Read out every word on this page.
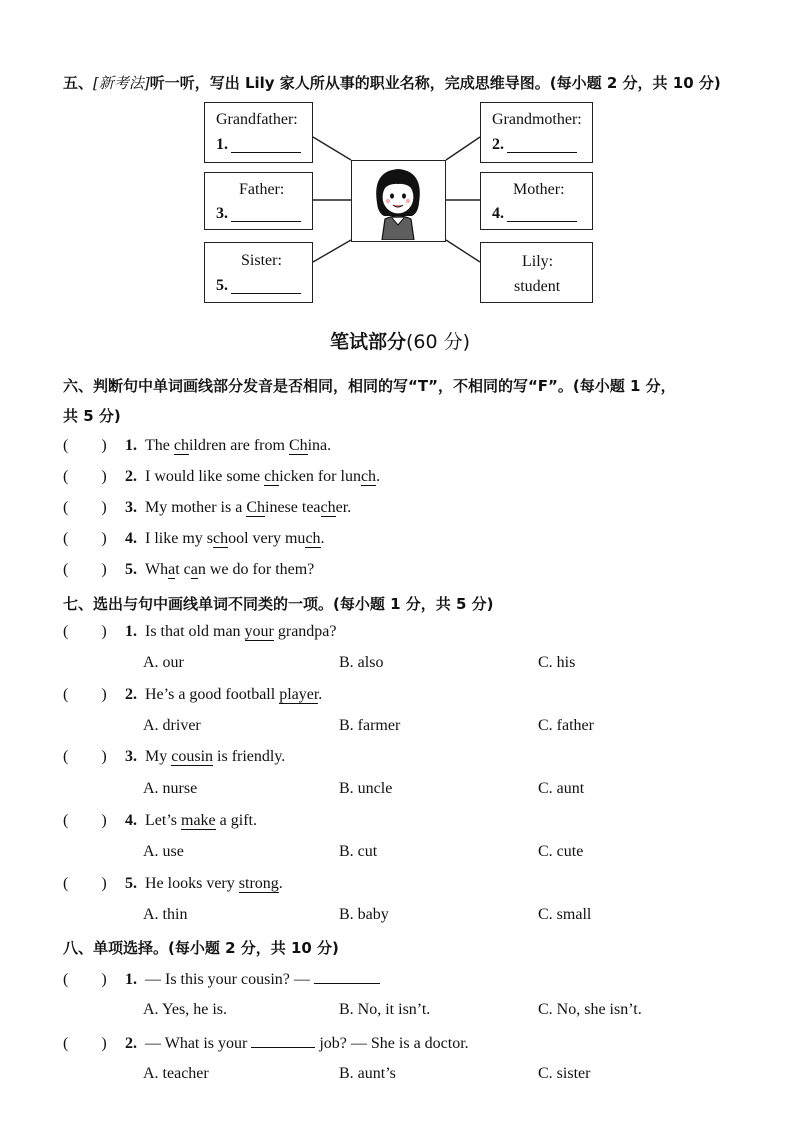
五、[新考法]听一听，写出 Lily 家人所从事的职业名称，完成思维导图。(每小题 2 分，共 10 分)
Grandfather:
1.
Father:
3.
Sister:
5.
Grandmother:
2.
Mother:
4.
Lily:
student
笔试部分(60 分)
六、判断句中单词画线部分发音是否相同，相同的写“T”，不相同的写“F”。(每小题 1 分，
共 5 分)
( ) 1. The children are from China.
( ) 2. I would like some chicken for lunch.
( ) 3. My mother is a Chinese teacher.
( ) 4. I like my school very much.
( ) 5. What can we do for them?
七、选出与句中画线单词不同类的一项。(每小题 1 分，共 5 分)
( ) 1. Is that old man your grandpa?
A. our	B. also	C. his
( ) 2. He’s a good football player.
A. driver	B. farmer	C. father
( ) 3. My cousin is friendly.
A. nurse	B. uncle	C. aunt
( ) 4. Let’s make a gift.
A. use	B. cut	C. cute
( ) 5. He looks very strong.
A. thin	B. baby	C. small
八、单项选择。(每小题 2 分，共 10 分)
( ) 1. — Is this your cousin? —
A. Yes, he is.	B. No, it isn’t.	C. No, she isn’t.
( ) 2. — What is your	job? — She is a doctor.
A. teacher	B. aunt’s	C. sister
